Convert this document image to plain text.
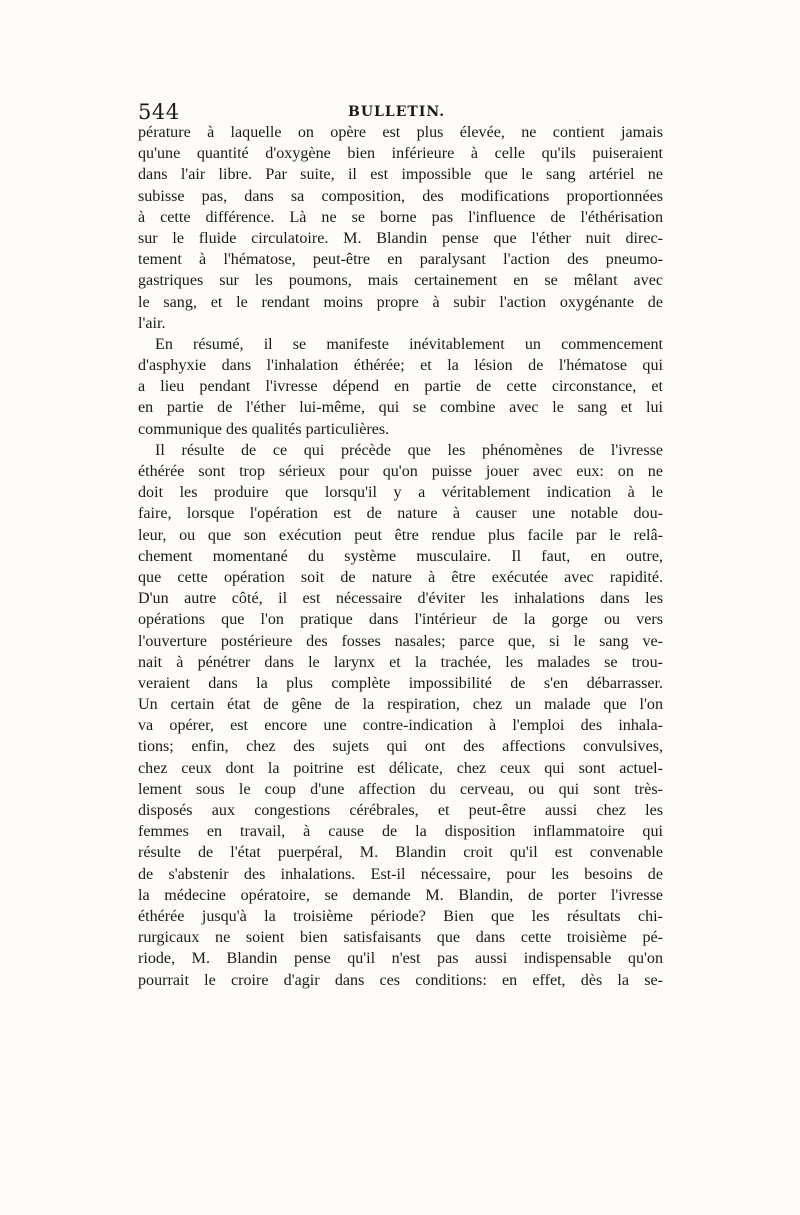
544	BULLETIN.
pérature à laquelle on opère est plus élevée, ne contient jamais
qu'une quantité d'oxygène bien inférieure à celle qu'ils puiseraient
dans l'air libre. Par suite, il est impossible que le sang artériel ne
subisse pas, dans sa composition, des modifications proportionnées
à cette différence. Là ne se borne pas l'influence de l'éthérisation
sur le fluide circulatoire. M. Blandin pense que l'éther nuit direc-
tement à l'hématose, peut-être en paralysant l'action des pneumo-
gastriques sur les poumons, mais certainement en se mêlant avec
le sang, et le rendant moins propre à subir l'action oxygénante de
l'air.
En résumé, il se manifeste inévitablement un commencement
d'asphyxie dans l'inhalation éthérée; et la lésion de l'hématose qui
a lieu pendant l'ivresse dépend en partie de cette circonstance, et
en partie de l'éther lui-même, qui se combine avec le sang et lui
communique des qualités particulières.
Il résulte de ce qui précède que les phénomènes de l'ivresse
éthérée sont trop sérieux pour qu'on puisse jouer avec eux: on ne
doit les produire que lorsqu'il y a véritablement indication à le
faire, lorsque l'opération est de nature à causer une notable dou-
leur, ou que son exécution peut être rendue plus facile par le relâ-
chement momentané du système musculaire. Il faut, en outre,
que cette opération soit de nature à être exécutée avec rapidité.
D'un autre côté, il est nécessaire d'éviter les inhalations dans les
opérations que l'on pratique dans l'intérieur de la gorge ou vers
l'ouverture postérieure des fosses nasales; parce que, si le sang ve-
nait à pénétrer dans le larynx et la trachée, les malades se trou-
veraient dans la plus complète impossibilité de s'en débarrasser.
Un certain état de gêne de la respiration, chez un malade que l'on
va opérer, est encore une contre-indication à l'emploi des inhala-
tions; enfin, chez des sujets qui ont des affections convulsives,
chez ceux dont la poitrine est délicate, chez ceux qui sont actuel-
lement sous le coup d'une affection du cerveau, ou qui sont très-
disposés aux congestions cérébrales, et peut-être aussi chez les
femmes en travail, à cause de la disposition inflammatoire qui
résulte de l'état puerpéral, M. Blandin croit qu'il est convenable
de s'abstenir des inhalations. Est-il nécessaire, pour les besoins de
la médecine opératoire, se demande M. Blandin, de porter l'ivresse
éthérée jusqu'à la troisième période? Bien que les résultats chi-
rurgicaux ne soient bien satisfaisants que dans cette troisième pé-
riode, M. Blandin pense qu'il n'est pas aussi indispensable qu'on
pourrait le croire d'agir dans ces conditions: en effet, dès la se-
